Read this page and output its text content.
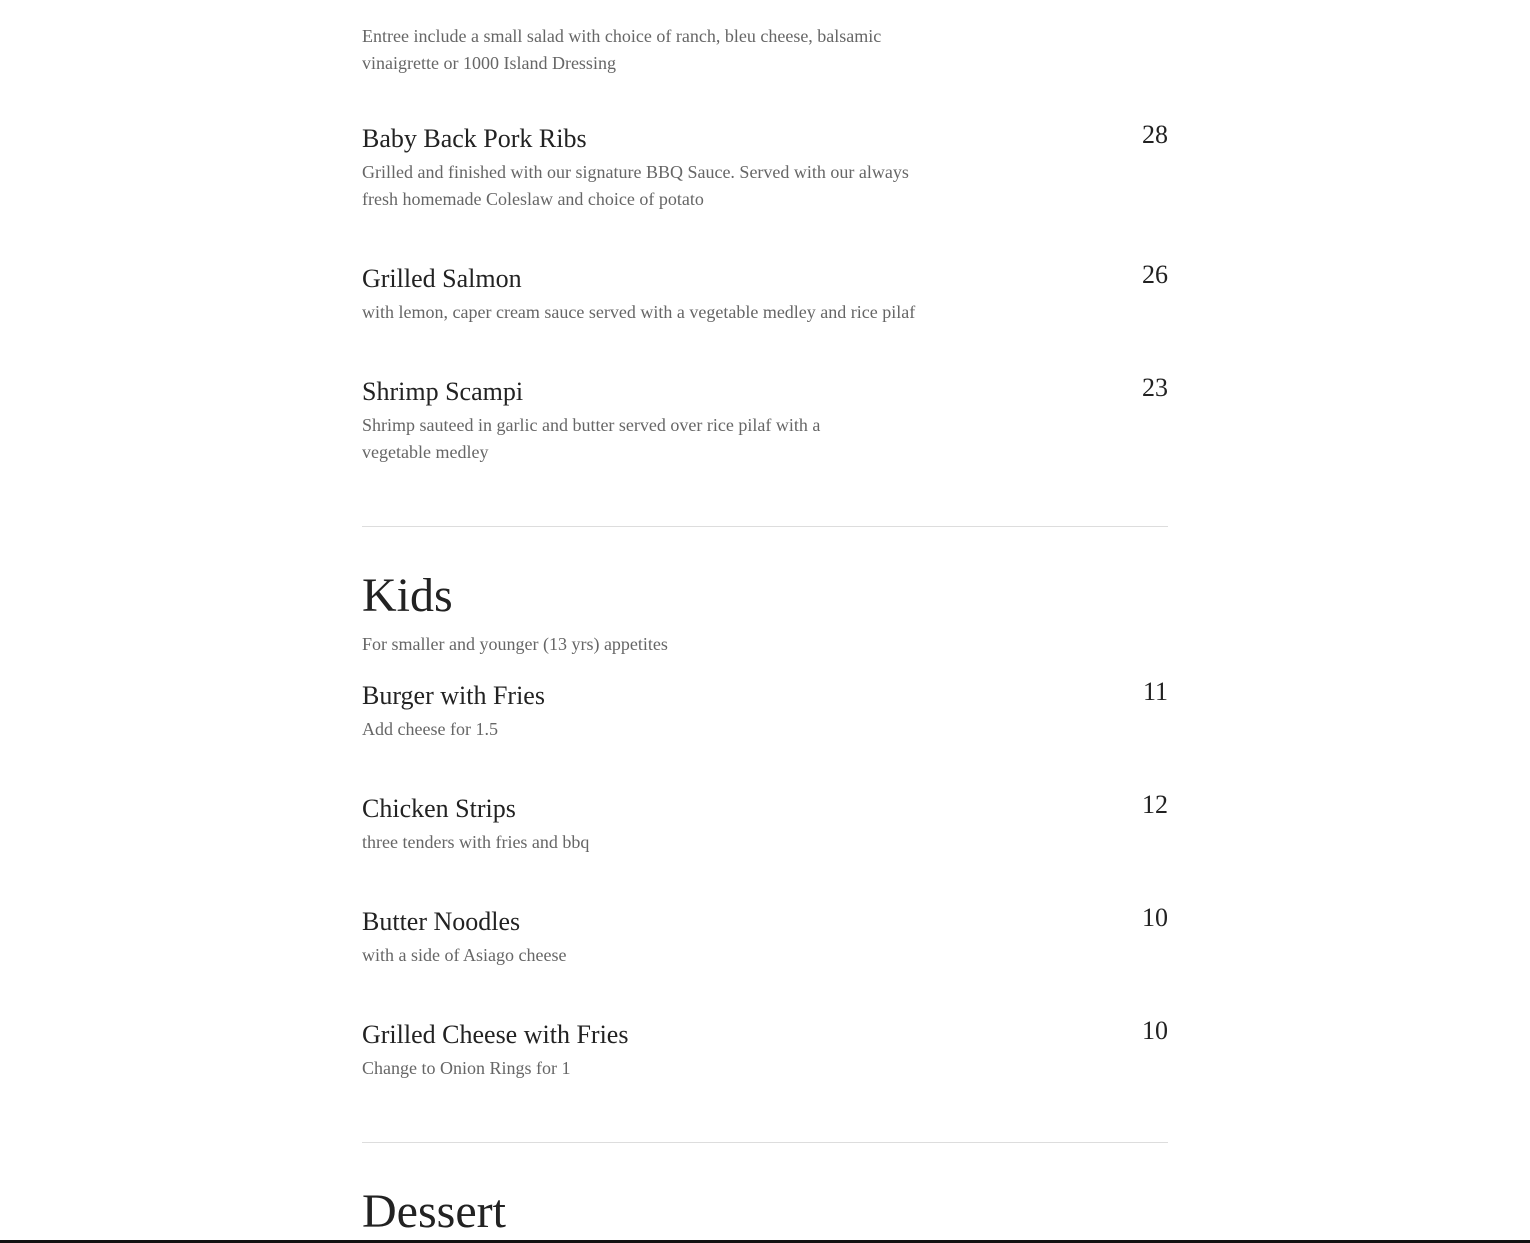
Entree include a small salad with choice of ranch, bleu cheese, balsamic vinaigrette or 1000 Island Dressing
Baby Back Pork Ribs	28
Grilled and finished with our signature BBQ Sauce. Served with our always fresh homemade Coleslaw and choice of potato
Grilled Salmon	26
with lemon, caper cream sauce served with a vegetable medley and rice pilaf
Shrimp Scampi	23
Shrimp sauteed in garlic and butter served over rice pilaf with a vegetable medley
Kids
For smaller and younger (13 yrs) appetites
Burger with Fries	11
Add cheese for 1.5
Chicken Strips	12
three tenders with fries and bbq
Butter Noodles	10
with a side of Asiago cheese
Grilled Cheese with Fries	10
Change to Onion Rings for 1
Dessert
